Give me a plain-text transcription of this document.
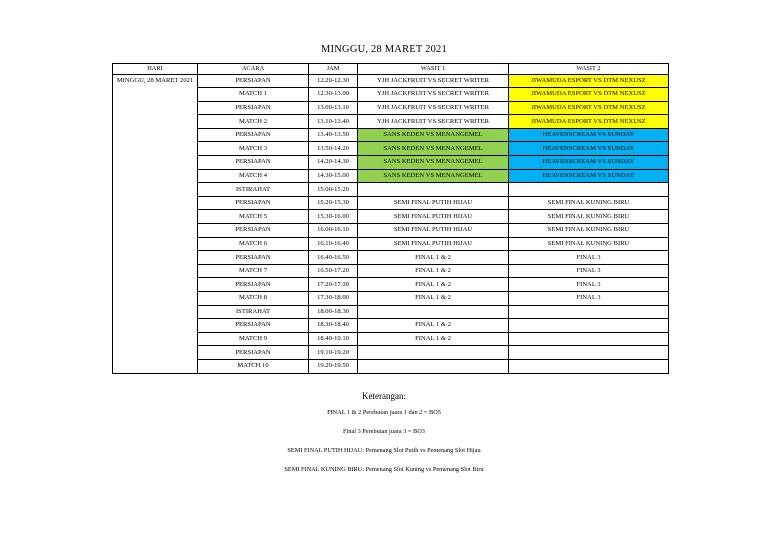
MINGGU, 28 MARET 2021
HARI	ACARA	JAM	WASIT 1	WASIT 2
MINGGU, 28 MARET 2021	PERSIAPAN	12.20-12.30	YJH JACKFRUIT VS SECRET WRITER	JIWAMUDA ESPORT VS DTM NEXUSZ
	MATCH 1	12.30-13.00	YJH JACKFRUIT VS SECRET WRITER	JIWAMUDA ESPORT VS DTM NEXUSZ
	PERSIAPAN	13.00-13.10	YJH JACKFRUIT VS SECRET WRITER	JIWAMUDA ESPORT VS DTM NEXUSZ
	MATCH 2	13.10-13.40	YJH JACKFRUIT VS SECRET WRITER	JIWAMUDA ESPORT VS DTM NEXUSZ
	PERSIAPAN	13.40-13.50	SANS KEDEN VS MENANGEMEL	HEAVENSCREAM VS SUNDAY
	MATCH 3	13.50-14.20	SANS KEDEN VS MENANGEMEL	HEAVENSCREAM VS SUNDAY
	PERSIAPAN	14.20-14.30	SANS KEDEN VS MENANGEMEL	HEAVENSCREAM VS SUNDAY
	MATCH 4	14.30-15.00	SANS KEDEN VS MENANGEMEL	HEAVENSCREAM VS SUNDAY
	ISTIRAHAT	15.00-15.20		
	PERSIAPAN	15.20-15.30	SEMI FINAL PUTIH HIJAU	SEMI FINAL KUNING BIRU
	MATCH 5	15.30-16.00	SEMI FINAL PUTIH HIJAU	SEMI FINAL KUNING BIRU
	PERSIAPAN	16.00-16.10	SEMI FINAL PUTIH HIJAU	SEMI FINAL KUNING BIRU
	MATCH 6	16.10-16.40	SEMI FINAL PUTIH HIJAU	SEMI FINAL KUNING BIRU
	PERSIAPAN	16.40-16.50	FINAL 1 & 2	FINAL 3
	MATCH 7	16.50-17.20	FINAL 1 & 2	FINAL 3
	PERSIAPAN	17.20-17.30	FINAL 1 & 2	FINAL 3
	MATCH 8	17.30-18.00	FINAL 1 & 2	FINAL 3
	ISTIRAHAT	18.00-18.30		
	PERSIAPAN	18.30-18.40	FINAL 1 & 2	
	MATCH 9	18.40-19.10	FINAL 1 & 2	
	PERSIAPAN	19.10-19.20		
	MATCH 10	19.20-19.50		
Keterangan:
FINAL 1 & 2 Perebutan juara 1 dan 2 = BO5
Final 3 Perebutan juara 3 = BO3
SEMI FINAL PUTIH HIJAU: Pemenang Slot Putih vs Pemenang Slot Hijau
SEMI FINAL KUNING BIRU: Pemenang Slot Kuning vs Pemenang Slot Biru
